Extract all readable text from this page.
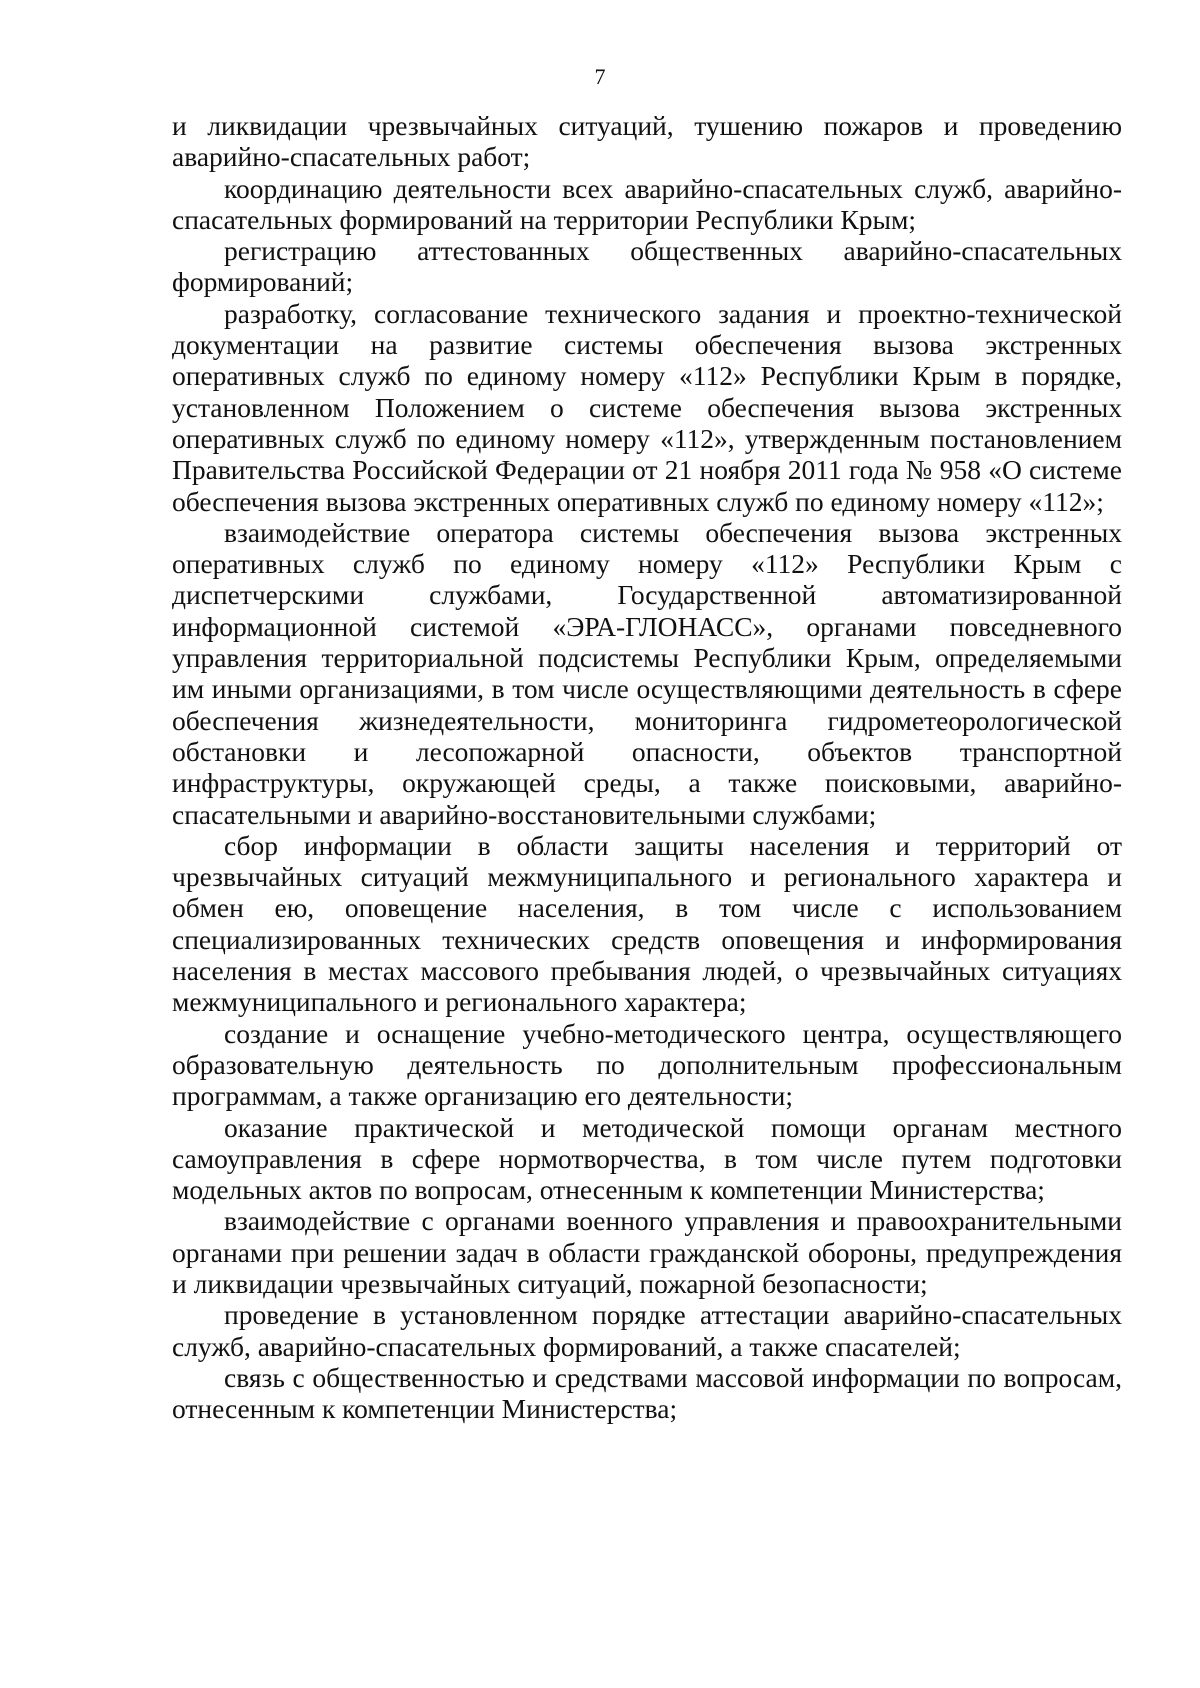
7

и ликвидации чрезвычайных ситуаций, тушению пожаров и проведению аварийно-спасательных работ;

координацию деятельности всех аварийно-спасательных служб, аварийно-спасательных формирований на территории Республики Крым;

регистрацию аттестованных общественных аварийно-спасательных формирований;

разработку, согласование технического задания и проектно-технической документации на развитие системы обеспечения вызова экстренных оперативных служб по единому номеру «112» Республики Крым в порядке, установленном Положением о системе обеспечения вызова экстренных оперативных служб по единому номеру «112», утвержденным постановлением Правительства Российской Федерации от 21 ноября 2011 года № 958 «О системе обеспечения вызова экстренных оперативных служб по единому номеру «112»;

взаимодействие оператора системы обеспечения вызова экстренных оперативных служб по единому номеру «112» Республики Крым с диспетчерскими службами, Государственной автоматизированной информационной системой «ЭРА-ГЛОНАСС», органами повседневного управления территориальной подсистемы Республики Крым, определяемыми им иными организациями, в том числе осуществляющими деятельность в сфере обеспечения жизнедеятельности, мониторинга гидрометеорологической обстановки и лесопожарной опасности, объектов транспортной инфраструктуры, окружающей среды, а также поисковыми, аварийно-спасательными и аварийно-восстановительными службами;

сбор информации в области защиты населения и территорий от чрезвычайных ситуаций межмуниципального и регионального характера и обмен ею, оповещение населения, в том числе с использованием специализированных технических средств оповещения и информирования населения в местах массового пребывания людей, о чрезвычайных ситуациях межмуниципального и регионального характера;

создание и оснащение учебно-методического центра, осуществляющего образовательную деятельность по дополнительным профессиональным программам, а также организацию его деятельности;

оказание практической и методической помощи органам местного самоуправления в сфере нормотворчества, в том числе путем подготовки модельных актов по вопросам, отнесенным к компетенции Министерства;

взаимодействие с органами военного управления и правоохранительными органами при решении задач в области гражданской обороны, предупреждения и ликвидации чрезвычайных ситуаций, пожарной безопасности;

проведение в установленном порядке аттестации аварийно-спасательных служб, аварийно-спасательных формирований, а также спасателей;

связь с общественностью и средствами массовой информации по вопросам, отнесенным к компетенции Министерства;
